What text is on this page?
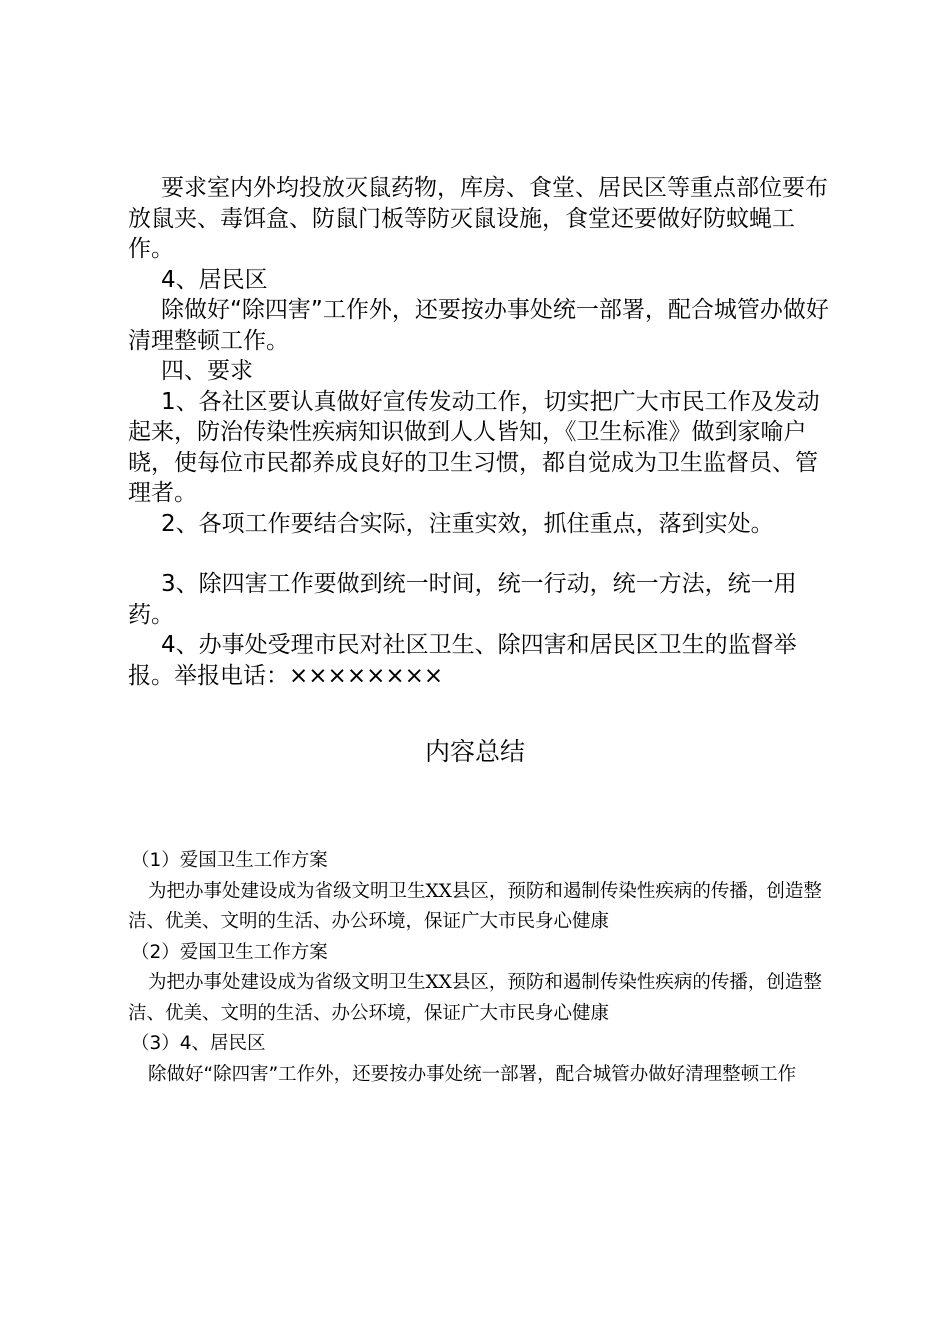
要求室内外均投放灭鼠药物，库房、食堂、居民区等重点部位要布放鼠夹、毒饵盒、防鼠门板等防灭鼠设施，食堂还要做好防蚊蝇工作。

4、居民区

除做好“除四害”工作外，还要按办事处统一部署，配合城管办做好清理整顿工作。

四、要求

1、各社区要认真做好宣传发动工作，切实把广大市民工作及发动起来，防治传染性疾病知识做到人人皆知，《卫生标准》做到家喻户晓，使每位市民都养成良好的卫生习惯，都自觉成为卫生监督员、管理者。

2、各项工作要结合实际，注重实效，抓住重点，落到实处。

3、除四害工作要做到统一时间，统一行动，统一方法，统一用药。

4、办事处受理市民对社区卫生、除四害和居民区卫生的监督举报。举报电话：××××××××

内容总结

（1）爱国卫生工作方案

为把办事处建设成为省级文明卫生XX县区，预防和遏制传染性疾病的传播，创造整洁、优美、文明的生活、办公环境，保证广大市民身心健康

（2）爱国卫生工作方案

为把办事处建设成为省级文明卫生XX县区，预防和遏制传染性疾病的传播，创造整洁、优美、文明的生活、办公环境，保证广大市民身心健康

（3）4、居民区

除做好“除四害”工作外，还要按办事处统一部署，配合城管办做好清理整顿工作
